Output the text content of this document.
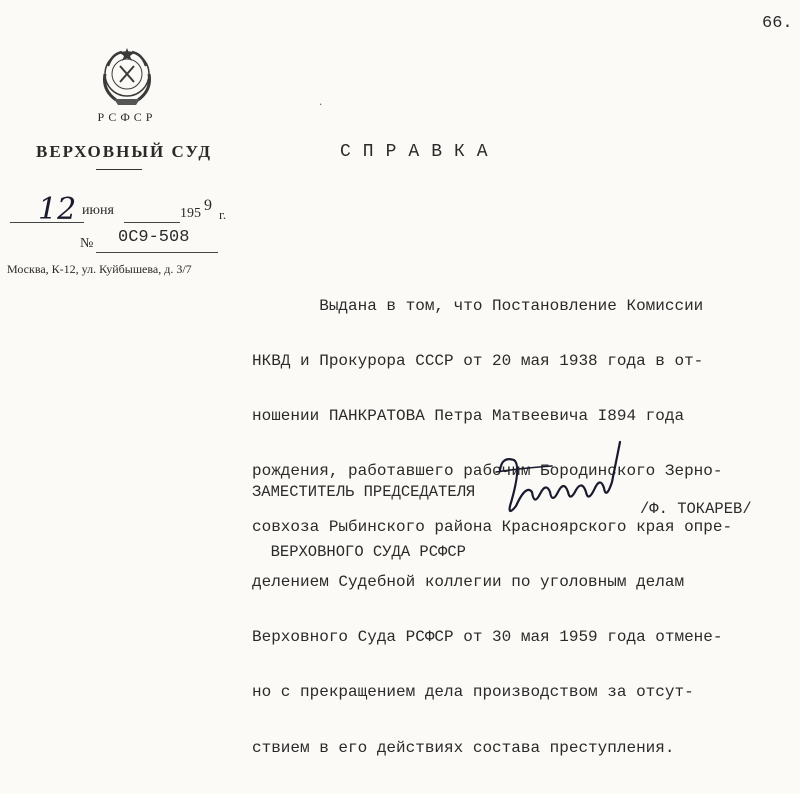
66.
РСФСР
ВЕРХОВНЫЙ СУД
12 июня	195 9
г.
№ 0С9-508
Москва, К-12, ул. Куйбышева, д. 3/7
·
СПРАВКА

Выдана в том, что Постановление Комиссии

НКВД и Прокурора СССР от 20 мая 1938 года в от-

ношении ПАНКРАТОВА Петра Матвеевича I894 года

рождения, работавшего рабочим Бородинского Зерно-

совхоза Рыбинского района Красноярского края опре-

делением Судебной коллегии по уголовным делам

Верховного Суда РСФСР от 30 мая 1959 года отмене-

но с прекращением дела производством за отсут-

ствием в его действиях состава преступления.

ЗАМЕСТИТЕЛЬ ПРЕДСЕДАТЕЛЯ

ВЕРХОВНОГО СУДА РСФСР

/Ф. ТОКАРЕВ/
